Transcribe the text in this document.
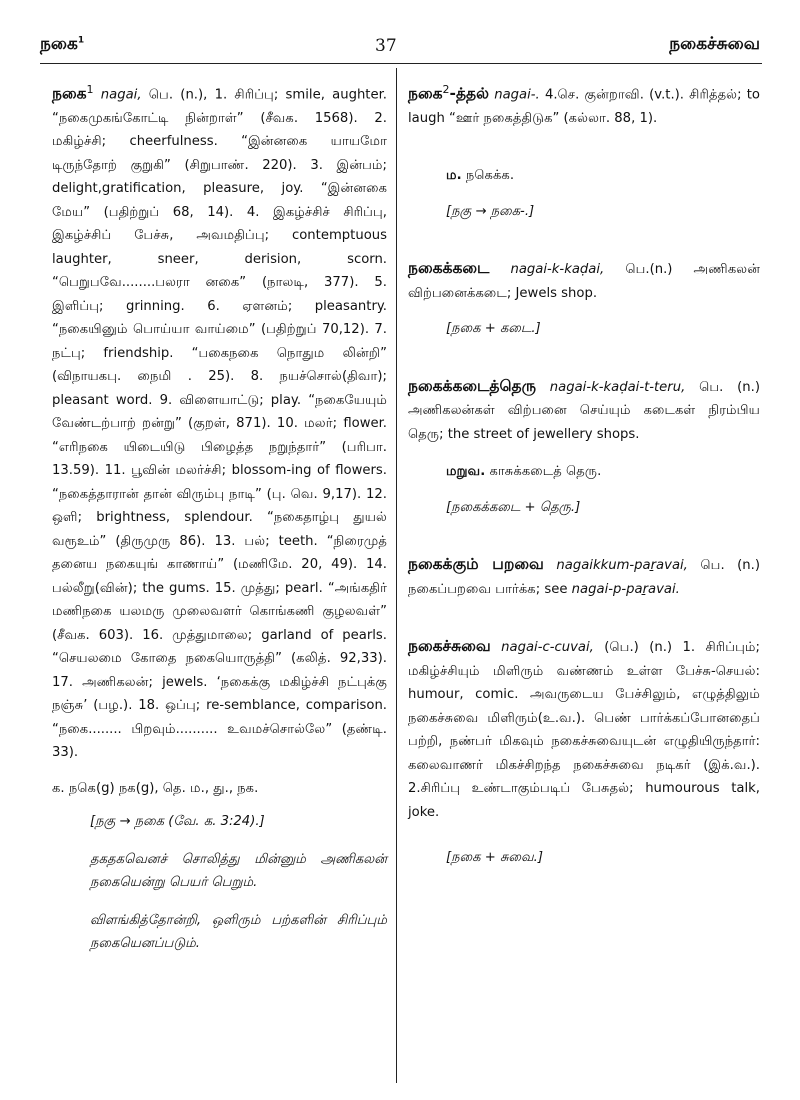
நகை$^1$	37	நகைச்சுவை

நகை$^1$ nagai, பெ. (n.), 1. சிரிப்பு; smile, aughter. “நகைமுகங்கோட்டி நின்றாள்” (சீவக. 1568). 2. மகிழ்ச்சி; cheerfulness. “இன்னகை யாயமோ டிருந்தோற் குறுகி” (சிறுபாண். 220). 3. இன்பம்; delight,gratification, pleasure, joy. “இன்னகை மேய” (பதிற்றுப் 68, 14). 4. இகழ்ச்சிச் சிரிப்பு, இகழ்ச்சிப் பேச்சு, அவமதிப்பு; contemptuous laughter, sneer, derision, scorn. “பெறுபவே........பலரா னகை” (நாலடி, 377). 5. இளிப்பு; grinning. 6. ஏளனம்; pleasantry. “நகையினும் பொய்யா வாய்மை” (பதிற்றுப் 70,12). 7. நட்பு; friendship. “பகைநகை நொதும லின்றி” (விநாயகபு. நைமி . 25). 8. நயச்சொல்(திவா); pleasant word. 9. விளையாட்டு; play. “நகையேயும் வேண்டற்பாற் றன்று” (குறள், 871). 10. மலர்; flower. “எரிநகை யிடையிடு பிழைத்த நறுந்தார்” (பரிபா. 13.59). 11. பூவின் மலர்ச்சி; blossom-ing of flowers. “நகைத்தாரான் தான் விரும்பு நாடி” (பு. வெ. 9,17). 12. ஒளி; brightness, splendour. “நகைதாழ்பு துயல் வரூஉம்” (திருமுரு 86). 13. பல்; teeth. “நிரைமுத் தனைய நகையுங் காணாய்” (மணிமே. 20, 49). 14. பல்லீறு(வின்); the gums. 15. முத்து; pearl. “அங்கதிர் மணிநகை யலமரு முலைவளர் கொங்கணி குழலவள்” (சீவக. 603). 16. முத்துமாலை; garland of pearls. “செயலமை கோதை நகையொருத்தி” (கலித். 92,33). 17. அணிகலன்; jewels. ‘நகைக்கு மகிழ்ச்சி நட்புக்கு நஞ்சு’ (பழ.). 18. ஒப்பு; re-semblance, comparison. “நகை........ பிறவும்.......... உவமச்சொல்லே” (தண்டி. 33).

க. நகெ(g) நக(g), தெ. ம., து., நக.

[நகு → நகை (வே. க. 3:24).]

தகதகவெனச் சொலித்து மின்னும் அணிகலன் நகையென்று பெயர் பெறும்.

விளங்கித்தோன்றி, ஒளிரும் பற்களின் சிரிப்பும் நகையெனப்படும்.

நகை$^2$-த்தல் nagai-. 4.செ. குன்றாவி. (v.t.). சிரித்தல்; to laugh “ஊர் நகைத்திடுக” (கல்லா. 88, 1).

ம. நகெக்க.

[நகு → நகை-.]

நகைக்கடை nagai-k-kaḍai, பெ.(n.) அணிகலன் விற்பனைக்கடை; Jewels shop.

[நகை + கடை.]

நகைக்கடைத்தெரு nagai-k-kaḍai-t-teru, பெ. (n.) அணிகலன்கள் விற்பனை செய்யும் கடைகள் நிரம்பிய தெரு; the street of jewellery shops.

மறுவ. காசுக்கடைத் தெரு.

[நகைக்கடை + தெரு.]

நகைக்கும் பறவை nagaikkum-paṟavai, பெ. (n.) நகைப்பறவை பார்க்க; see nagai-p-paṟavai.

நகைச்சுவை nagai-c-cuvai, (பெ.) (n.) 1. சிரிப்பும்; மகிழ்ச்சியும் மிளிரும் வண்ணம் உள்ள பேச்சு-செயல்: humour, comic. அவருடைய பேச்சிலும், எழுத்திலும் நகைச்சுவை மிளிரும்(உ.வ.). பெண் பார்க்கப்போனதைப் பற்றி, நண்பர் மிகவும் நகைச்சுவையுடன் எழுதியிருந்தார்: கலைவாணர் மிகச்சிறந்த நகைச்சுவை நடிகர் (இக்.வ.). 2.சிரிப்பு உண்டாகும்படிப் பேசுதல்; humourous talk, joke.

[நகை + சுவை.]
